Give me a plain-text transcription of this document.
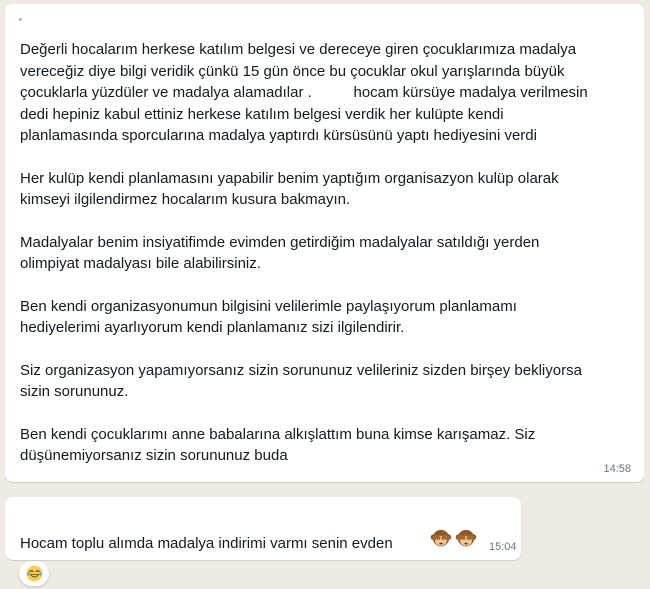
Değerli hocalarım herkese katılım belgesi ve dereceye giren çocuklarımıza madalya
vereceğiz diye bilgi veridik çünkü 15 gün önce bu çocuklar okul yarışlarında büyük
çocuklarla yüzdüler ve madalya alamadılar .          hocam kürsüye madalya verilmesin
dedi hepiniz kabul ettiniz herkese katılım belgesi verdik her kulüpte kendi
planlamasında sporcularına madalya yaptırdı kürsüsünü yaptı hediyesini verdi
Her kulüp kendi planlamasını yapabilir benim yaptığım organisazyon kulüp olarak
kimseyi ilgilendirmez hocalarım kusura bakmayın.
Madalyalar benim insiyatifimde evimden getirdiğim madalyalar satıldığı yerden
olimpiyat madalyası bile alabilirsiniz.
Ben kendi organizasyonumun bilgisini velilerimle paylaşıyorum planlamamı
hediyelerimi ayarlıyorum kendi planlamanız sizi ilgilendirir.
Siz organizasyon yapamıyorsanız sizin sorununuz velileriniz sizden birşey bekliyorsa
sizin sorununuz.
Ben kendi çocuklarımı anne babalarına alkışlattım buna kimse karışamaz. Siz
düşünemiyorsanız sizin sorununuz buda
14:58
Hocam toplu alımda madalya indirimi varmı senin evden	15:04
